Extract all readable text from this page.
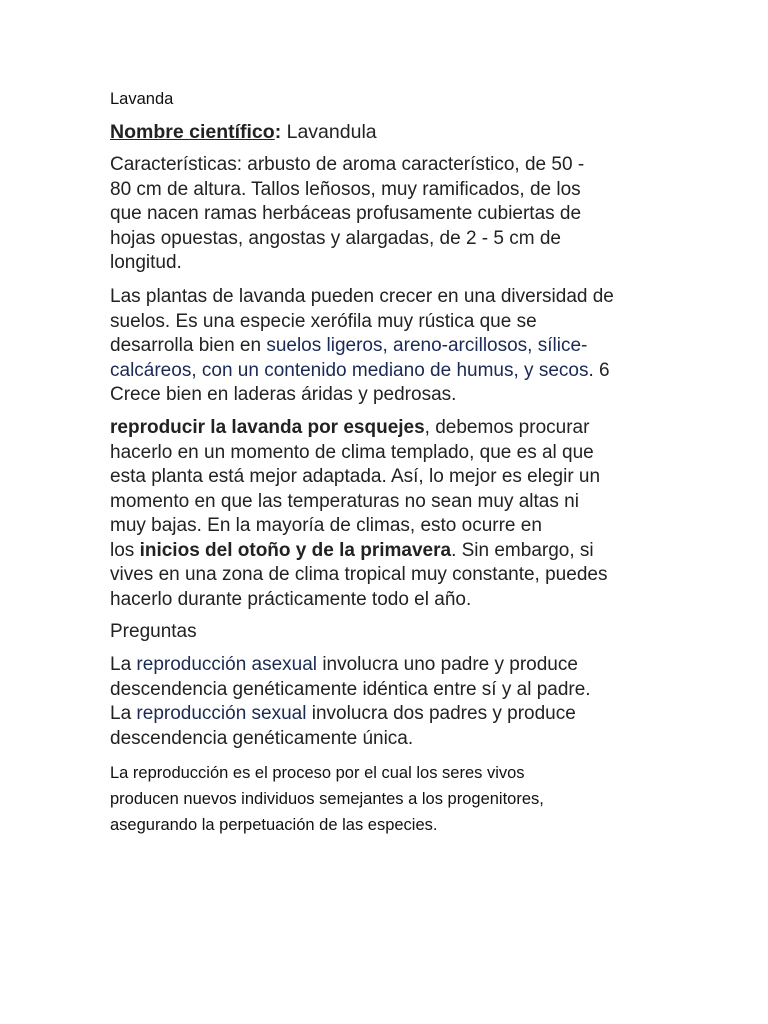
Lavanda
Nombre científico: Lavandula
Características: arbusto de aroma característico, de 50 -
80 cm de altura. Tallos leñosos, muy ramificados, de los
que nacen ramas herbáceas profusamente cubiertas de
hojas opuestas, angostas y alargadas, de 2 - 5 cm de
longitud.
Las plantas de lavanda pueden crecer en una diversidad de
suelos. Es una especie xerófila muy rústica que se
desarrolla bien en suelos ligeros, areno-arcillosos, sílice-
calcáreos, con un contenido mediano de humus, y secos. 6
Crece bien en laderas áridas y pedrosas.
reproducir la lavanda por esquejes, debemos procurar
hacerlo en un momento de clima templado, que es al que
esta planta está mejor adaptada. Así, lo mejor es elegir un
momento en que las temperaturas no sean muy altas ni
muy bajas. En la mayoría de climas, esto ocurre en
los inicios del otoño y de la primavera. Sin embargo, si
vives en una zona de clima tropical muy constante, puedes
hacerlo durante prácticamente todo el año.
Preguntas
La reproducción asexual involucra uno padre y produce
descendencia genéticamente idéntica entre sí y al padre.
La reproducción sexual involucra dos padres y produce
descendencia genéticamente única.
La reproducción es el proceso por el cual los seres vivos
producen nuevos individuos semejantes a los progenitores,
asegurando la perpetuación de las especies.
